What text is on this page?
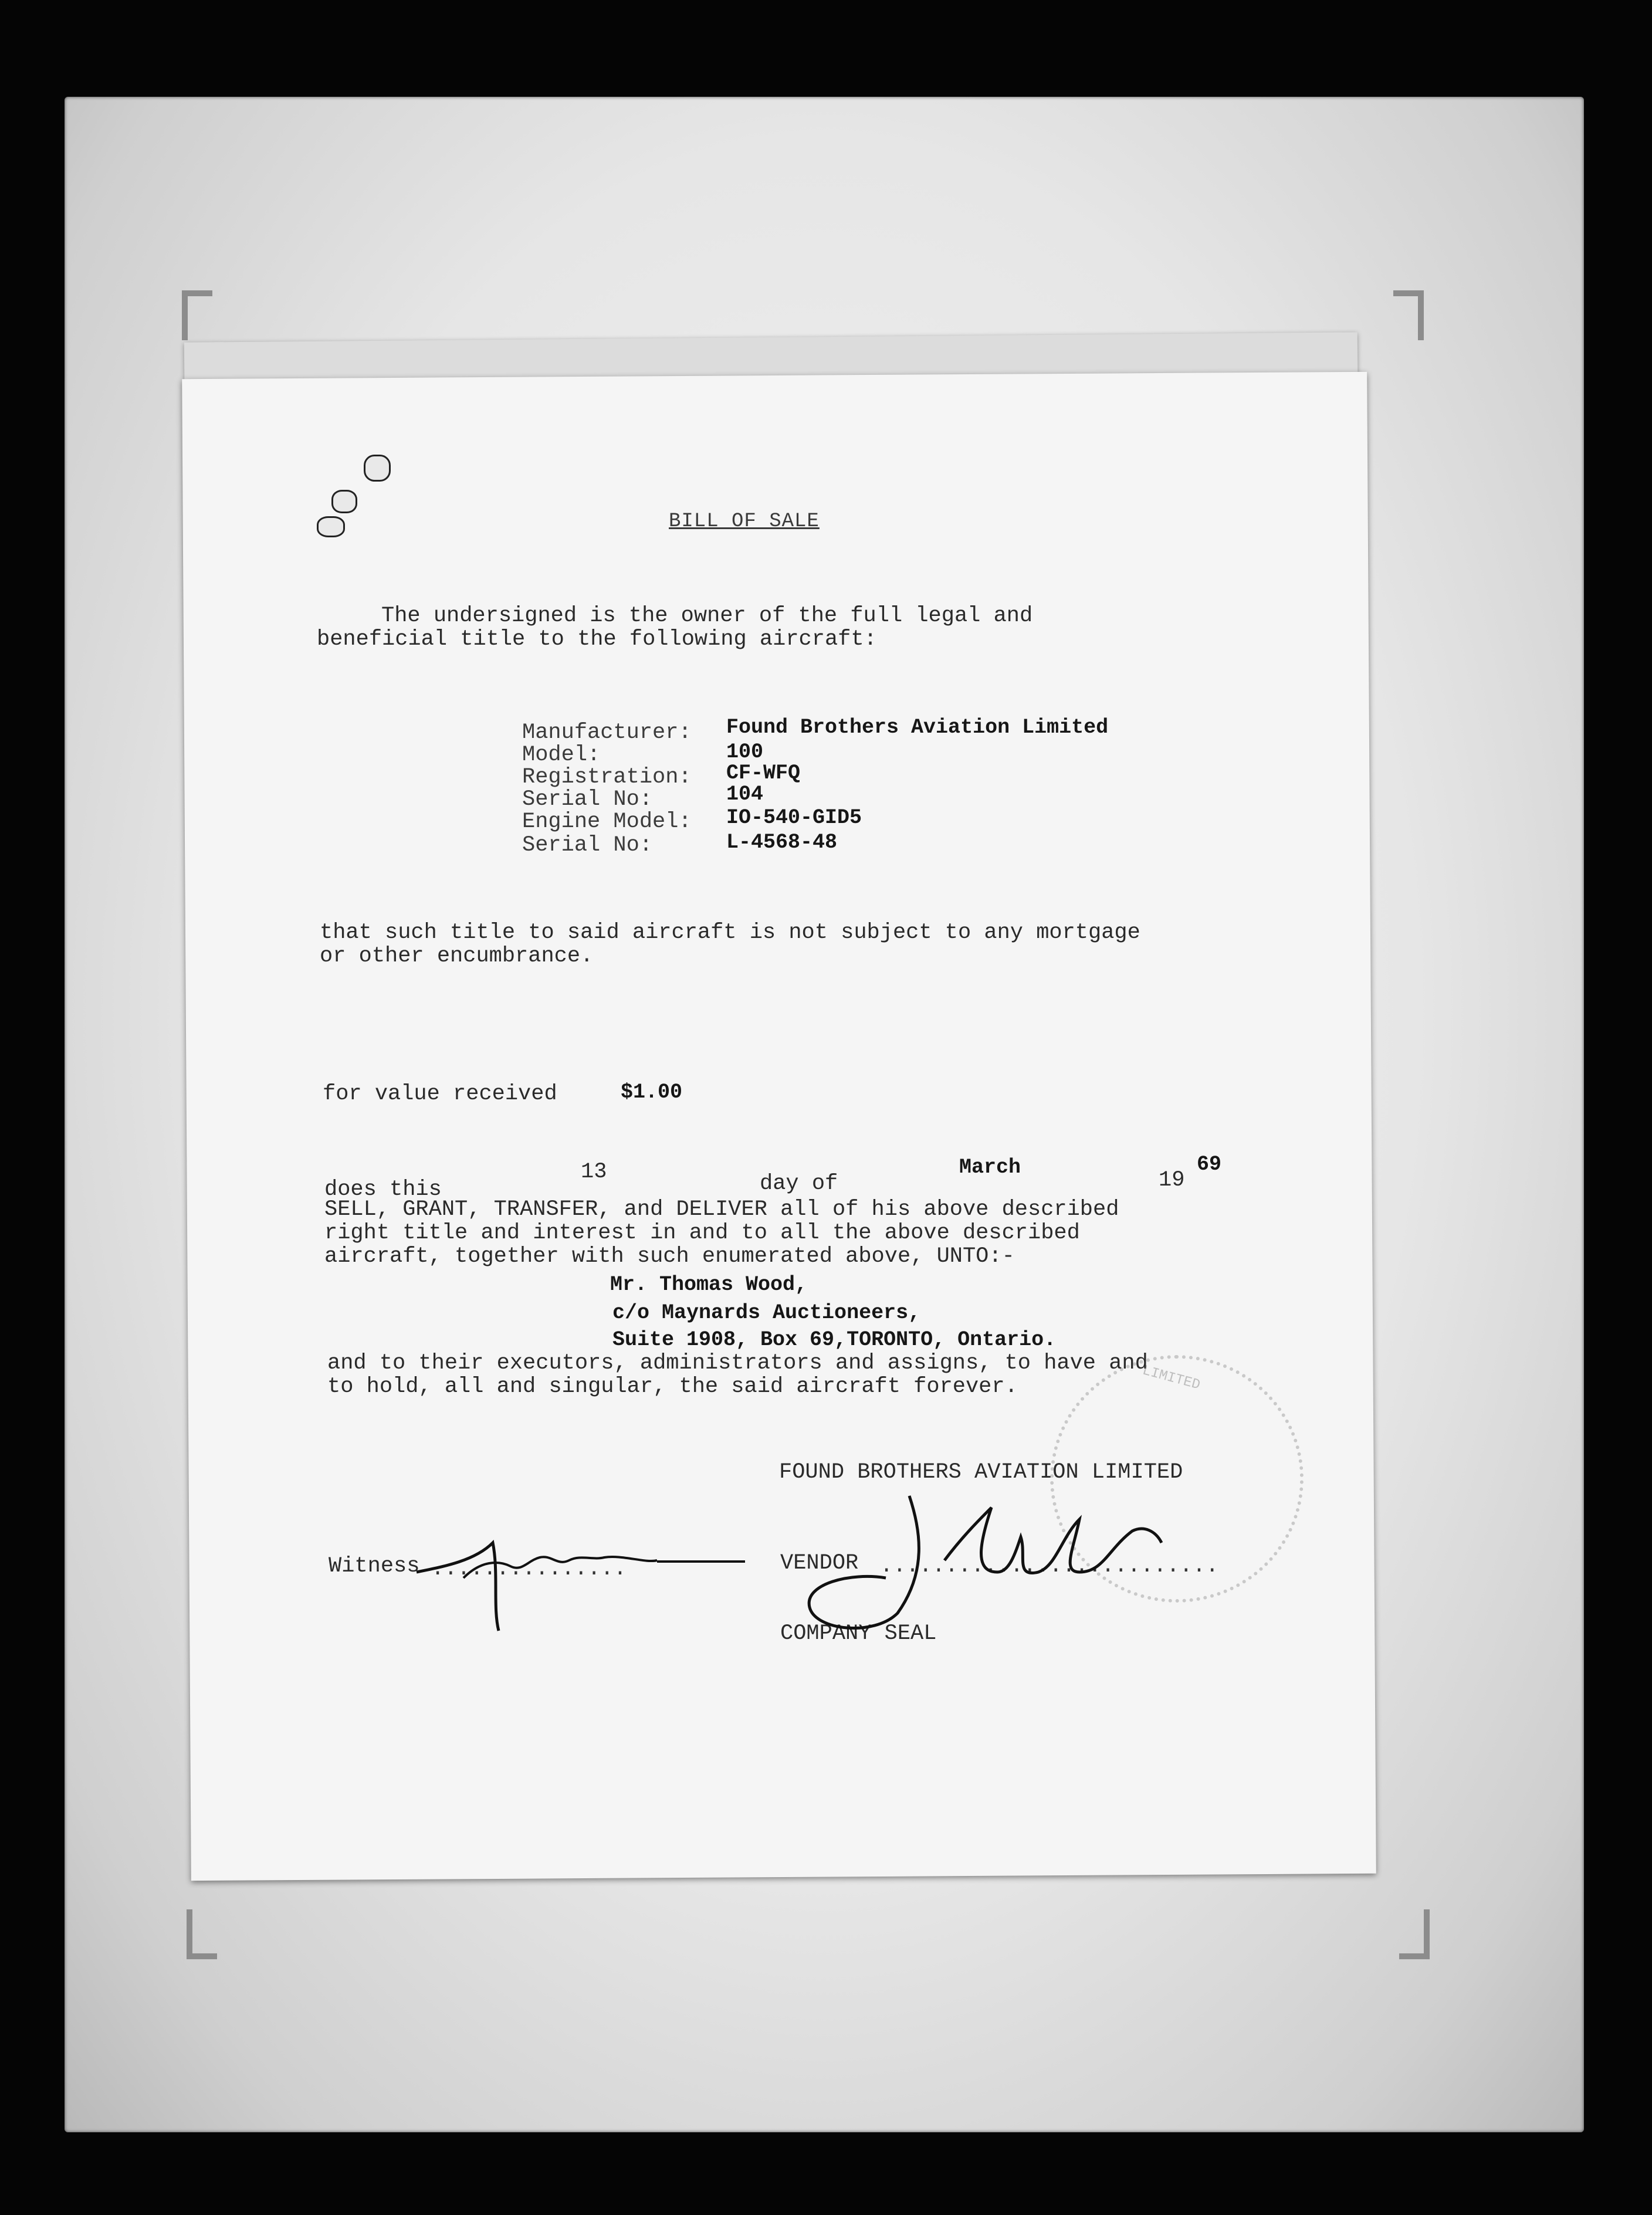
BILL OF SALE
The undersigned is the owner of the full legal and
beneficial title to the following aircraft:
Manufacturer: Found Brothers Aviation Limited
Model:	100
Registration: CF-WFQ
Serial No:	104
Engine Model: IO-540-GID5
Serial No:	L-4568-48
that such title to said aircraft is not subject to any mortgage
or other encumbrance.
for value received	$1.00
does this
13	day of
March
19
69
SELL, GRANT, TRANSFER, and DELIVER all of his above described
right title and interest in and to all the above described
aircraft, together with such enumerated above, UNTO:-
Mr. Thomas Wood,
c/o Maynards Auctioneers,
Suite 1908, Box 69,TORONTO, Ontario.
and to their executors, administrators and assigns, to have and
to hold, all and singular, the said aircraft forever.	LIMITED
FOUND BROTHERS AVIATION LIMITED
Witness ...............	VENDOR ..........................
COMPANY SEAL
